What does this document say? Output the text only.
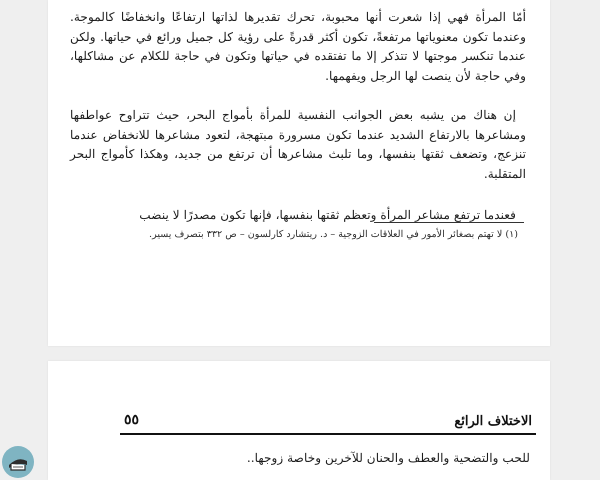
أمّا المرأة فهي إذا شعرت أنها محبوبة، تحرك تقديرها لذاتها ارتفاعًا وانخفاضًا كالموجة. وعندما تكون معنوياتها مرتفعةً، تكون أكثر قدرةً على رؤية كل جميل ورائع في حياتها. ولكن عندما تنكسر موجتها لا تتذكر إلا ما تفتقده في حياتها وتكون في حاجة للكلام عن مشاكلها، وفي حاجة لأن ينصت لها الرجل ويفهمها.

إن هناك من يشبه بعض الجوانب النفسية للمرأة بأمواج البحر، حيث تتراوح عواطفها ومشاعرها بالارتفاع الشديد عندما تكون مسرورة مبتهجة، لتعود مشاعرها للانخفاض عندما تنزعج، وتضعف ثقتها بنفسها، وما تلبث مشاعرها أن ترتفع من جديد، وهكذا كأمواج البحر المتقلبة.

فعندما ترتفع مشاعر المرأة وتعظم ثقتها بنفسها، فإنها تكون مصدرًا لا ينضب

(١) لا تهتم بصغائر الأمور في العلاقات الزوجية – د. ريتشارد كارلسون – ص ٣٣٢ بتصرف يسير.
الاختلاف الرائع
٥٥
للحب والتضحية والعطف والحنان للآخرين وخاصة زوجها..
